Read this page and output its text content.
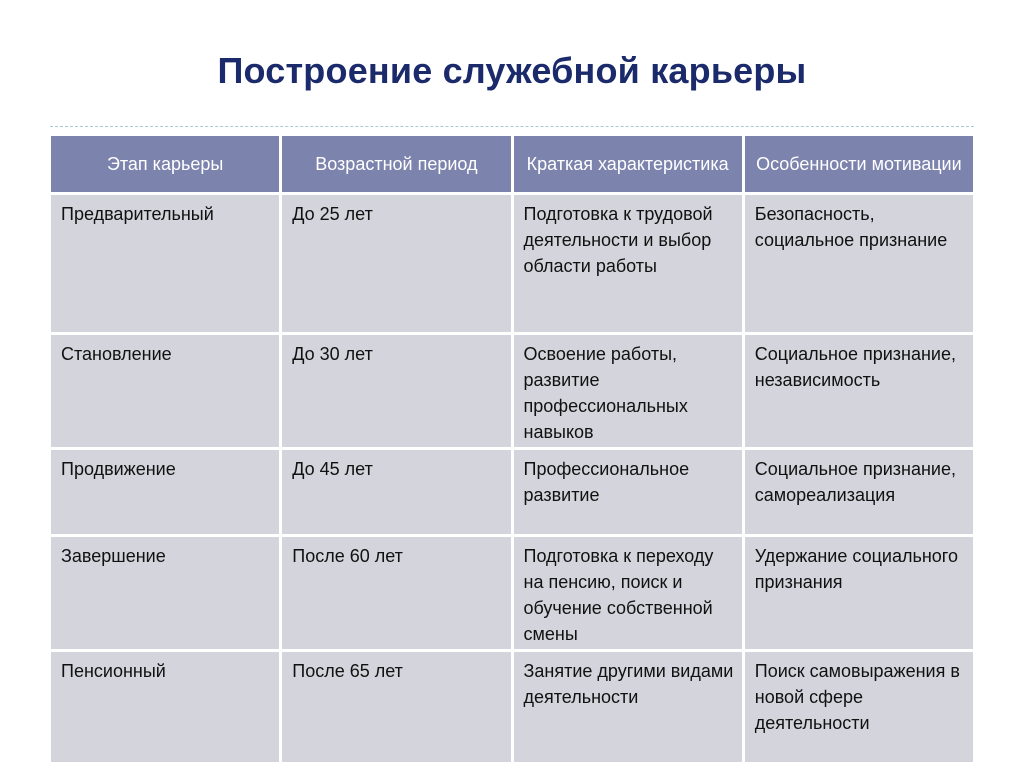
Построение служебной карьеры
Этап карьеры	Возрастной период	Краткая характеристика	Особенности мотивации
Предварительный	До 25 лет	Подготовка к трудовой деятельности и выбор области работы	Безопасность, социальное признание
Становление	До 30 лет	Освоение работы, развитие профессиональных навыков	Социальное признание, независимость
Продвижение	До 45 лет	Профессиональное развитие	Социальное признание, самореализация
Завершение	После 60 лет	Подготовка к переходу на пенсию, поиск и обучение собственной смены	Удержание социального признания
Пенсионный	После 65 лет	Занятие другими видами деятельности	Поиск самовыражения в новой сфере деятельности
